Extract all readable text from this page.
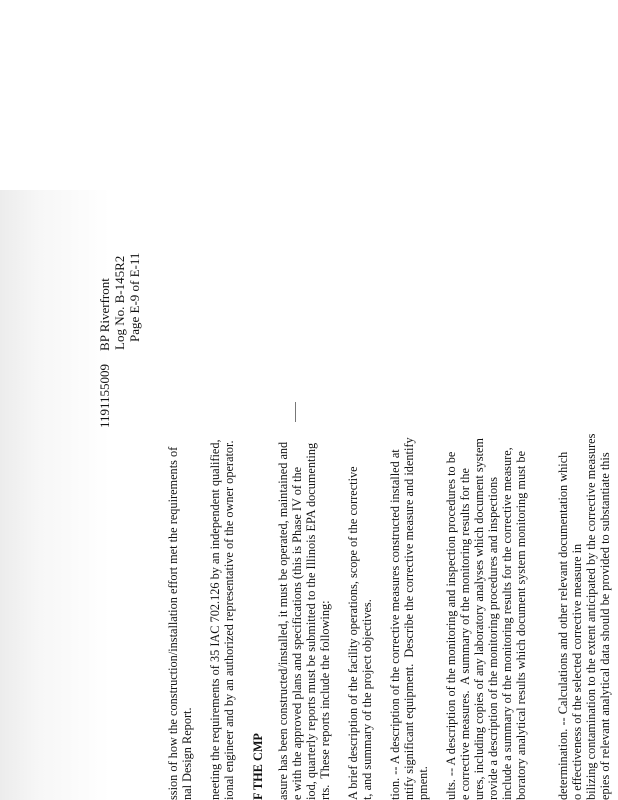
1191155009    BP Riverfront Log No. B-145R2 Page E-9 of E-11
ssion of how the construction/installation effort met the requirements of nal Design Report. neeting the requirements of 35 IAC 702.126 by an independent qualified, ional engineer and by an authorized representative of the owner operator. F THE CMP asure has been constructed/installed, it must be operated, maintained and e with the approved plans and specifications (this is Phase IV of the iod, quarterly reports must be submitted to the Illinois EPA documenting rts.  These reports include the following: A brief description of the facility operations, scope of the corrective t, and summary of the project objectives. tion. -- A description of the corrective measures constructed installed at ntify significant equipment.  Describe the corrective measure and identify pment. ults. -- A description of the monitoring and inspection procedures to be e corrective measures.  A summary of the monitoring results for the ures, including copies of any laboratory analyses which document system rovide a description of the monitoring procedures and inspections include a summary of the monitoring results for the corrective measure, boratory analytical results which document system monitoring must be determination. -- Calculations and other relevant documentation which o effectiveness of the selected corrective measure in bilizing contamination to the extent anticipated by the corrective measures epies of relevant analytical data should be provided to substantiate this
